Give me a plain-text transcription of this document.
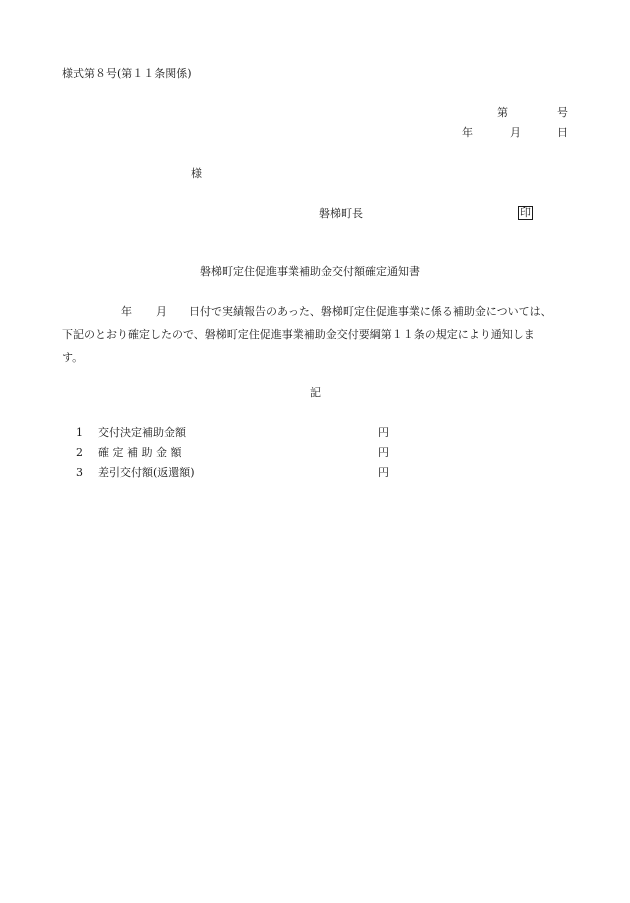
様式第８号(第１１条関係)
第	号
年	月	日
様
磐梯町長	印
磐梯町定住促進事業補助金交付額確定通知書
年 月 日付で実績報告のあった、磐梯町定住促進事業に係る補助金については、
下記のとおり確定したので、磐梯町定住促進事業補助金交付要綱第１１条の規定により通知しま
す。
記
1 交付決定補助金額	円
2 確 定 補 助 金 額	円
3 差引交付額(返還額)	円
